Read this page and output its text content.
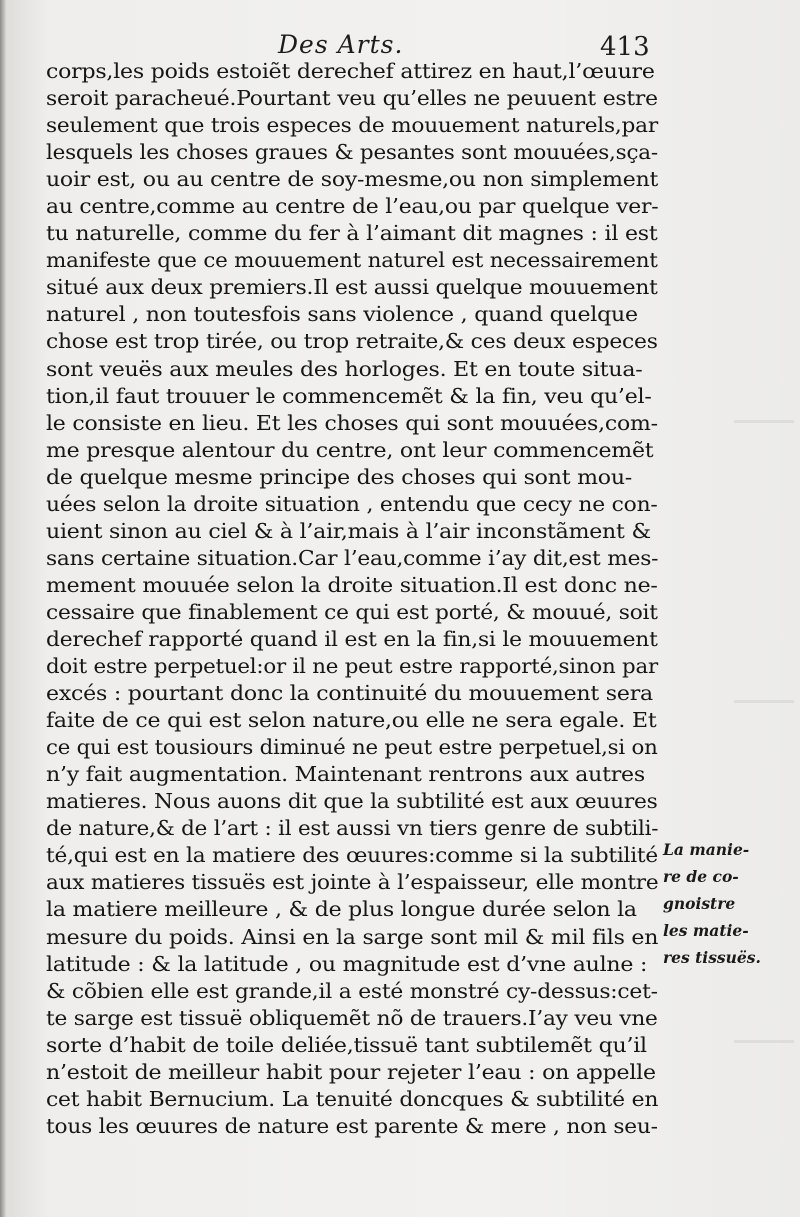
Des Arts.	413
corps,les poids estoiẽt derechef attirez en haut,l’œuure
seroit paracheué.Pourtant veu qu’elles ne peuuent estre
seulement que trois especes de mouuement naturels,par
lesquels les choses graues & pesantes sont mouuées,sça-
uoir est, ou au centre de soy-mesme,ou non simplement
au centre,comme au centre de l’eau,ou par quelque ver-
tu naturelle, comme du fer à l’aimant dit magnes : il est
manifeste que ce mouuement naturel est necessairement
situé aux deux premiers.Il est aussi quelque mouuement
naturel , non toutesfois sans violence , quand quelque
chose est trop tirée, ou trop retraite,& ces deux especes
sont veuës aux meules des horloges. Et en toute situa-
tion,il faut trouuer le commencemẽt & la fin, veu qu’el-
le consiste en lieu. Et les choses qui sont mouuées,com-
me presque alentour du centre, ont leur commencemẽt
de quelque mesme principe des choses qui sont mou-
uées selon la droite situation , entendu que cecy ne con-
uient sinon au ciel & à l’air,mais à l’air inconstãment &
sans certaine situation.Car l’eau,comme i’ay dit,est mes-
mement mouuée selon la droite situation.Il est donc ne-
cessaire que finablement ce qui est porté, & mouué, soit
derechef rapporté quand il est en la fin,si le mouuement
doit estre perpetuel:or il ne peut estre rapporté,sinon par
excés : pourtant donc la continuité du mouuement sera
faite de ce qui est selon nature,ou elle ne sera egale. Et
ce qui est tousiours diminué ne peut estre perpetuel,si on
n’y fait augmentation. Maintenant rentrons aux autres
matieres. Nous auons dit que la subtilité est aux œuures
de nature,& de l’art : il est aussi vn tiers genre de subtili-
té,qui est en la matiere des œuures:comme si la subtilité
aux matieres tissuës est jointe à l’espaisseur, elle montre
la matiere meilleure , & de plus longue durée selon la
mesure du poids. Ainsi en la sarge sont mil & mil fils en
latitude : & la latitude , ou magnitude est d’vne aulne :
& cõbien elle est grande,il a esté monstré cy-dessus:cet-
te sarge est tissuë obliquemẽt nõ de trauers.I’ay veu vne
sorte d’habit de toile deliée,tissuë tant subtilemẽt qu’il
n’estoit de meilleur habit pour rejeter l’eau : on appelle
cet habit Bernucium. La tenuité doncques & subtilité en
tous les œuures de nature est parente & mere , non seu-
La manie-
re de co-
gnoistre
les matie-
res tissuës.
